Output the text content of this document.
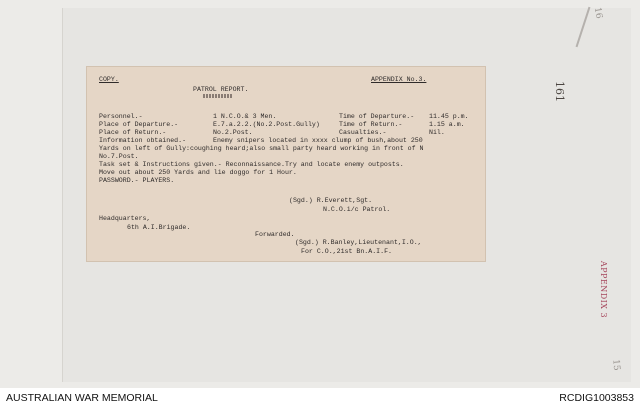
16
161
APPENDIX 3
15
COPY.	APPENDIX No.3.
PATROL REPORT.
Personnel.-	1 N.C.O.& 3 Men.	Time of Departure.- 11.45 p.m.
Place of Departure.-	E.7.a.2.2.(No.2.Post.Gully)	Time of Return.-	1.15 a.m.
Place of Return.-	No.2.Post.	Casualties.-	Nil.
Information obtained.-	Enemy snipers located in xxxx clump of bush,about 250
Yards on left of Gully:coughing heard;also small party heard working in front of N
No.7.Post.
Task set & Instructions given.- Reconnaissance.Try and locate enemy outposts.
Move out about 250 Yards and lie doggo for 1 Hour.
PASSWORD.- PLAYERS.
(Sgd.) R.Everett,Sgt.
N.C.O.i/c Patrol.
Headquarters,
6th A.I.Brigade.
Forwarded.
(Sgd.) R.Banley,Lieutenant,I.O.,
For C.O.,21st Bn.A.I.F.
AUSTRALIAN WAR MEMORIAL	RCDIG1003853
